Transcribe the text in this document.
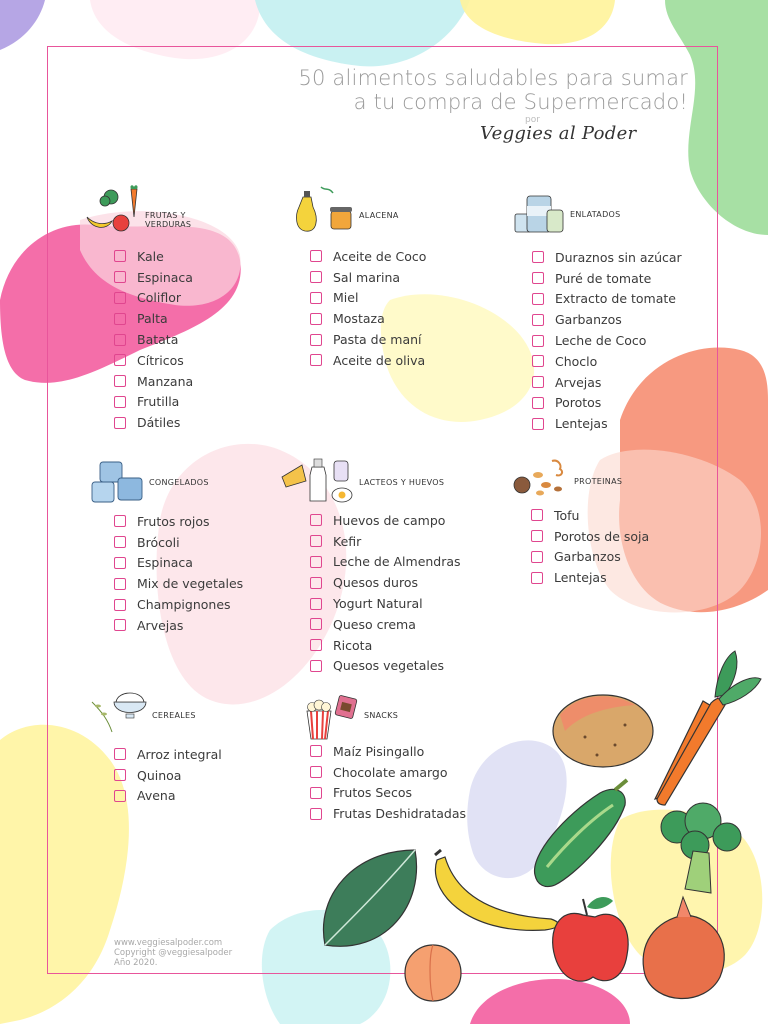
50 alimentos saludables para sumar
a tu compra de Supermercado!
por
Veggies al Poder
FRUTAS Y VERDURAS
Kale
Espinaca
Coliflor
Palta
Batata
Cítricos
Manzana
Frutilla
Dátiles
ALACENA
Aceite de Coco
Sal marina
Miel
Mostaza
Pasta de maní
Aceite de oliva
ENLATADOS
Duraznos sin azúcar
Puré de tomate
Extracto de tomate
Garbanzos
Leche de Coco
Choclo
Arvejas
Porotos
Lentejas
CONGELADOS
Frutos rojos
Brócoli
Espinaca
Mix de vegetales
Champignones
Arvejas
LACTEOS Y HUEVOS
Huevos de campo
Kefir
Leche de Almendras
Quesos duros
Yogurt Natural
Queso crema
Ricota
Quesos vegetales
PROTEINAS
Tofu
Porotos de soja
Garbanzos
Lentejas
CEREALES
Arroz integral
Quinoa
Avena
SNACKS
Maíz Pisingallo
Chocolate amargo
Frutos Secos
Frutas Deshidratadas
www.veggiesalpoder.com
Copyright @veggiesalpoder
Año 2020.
